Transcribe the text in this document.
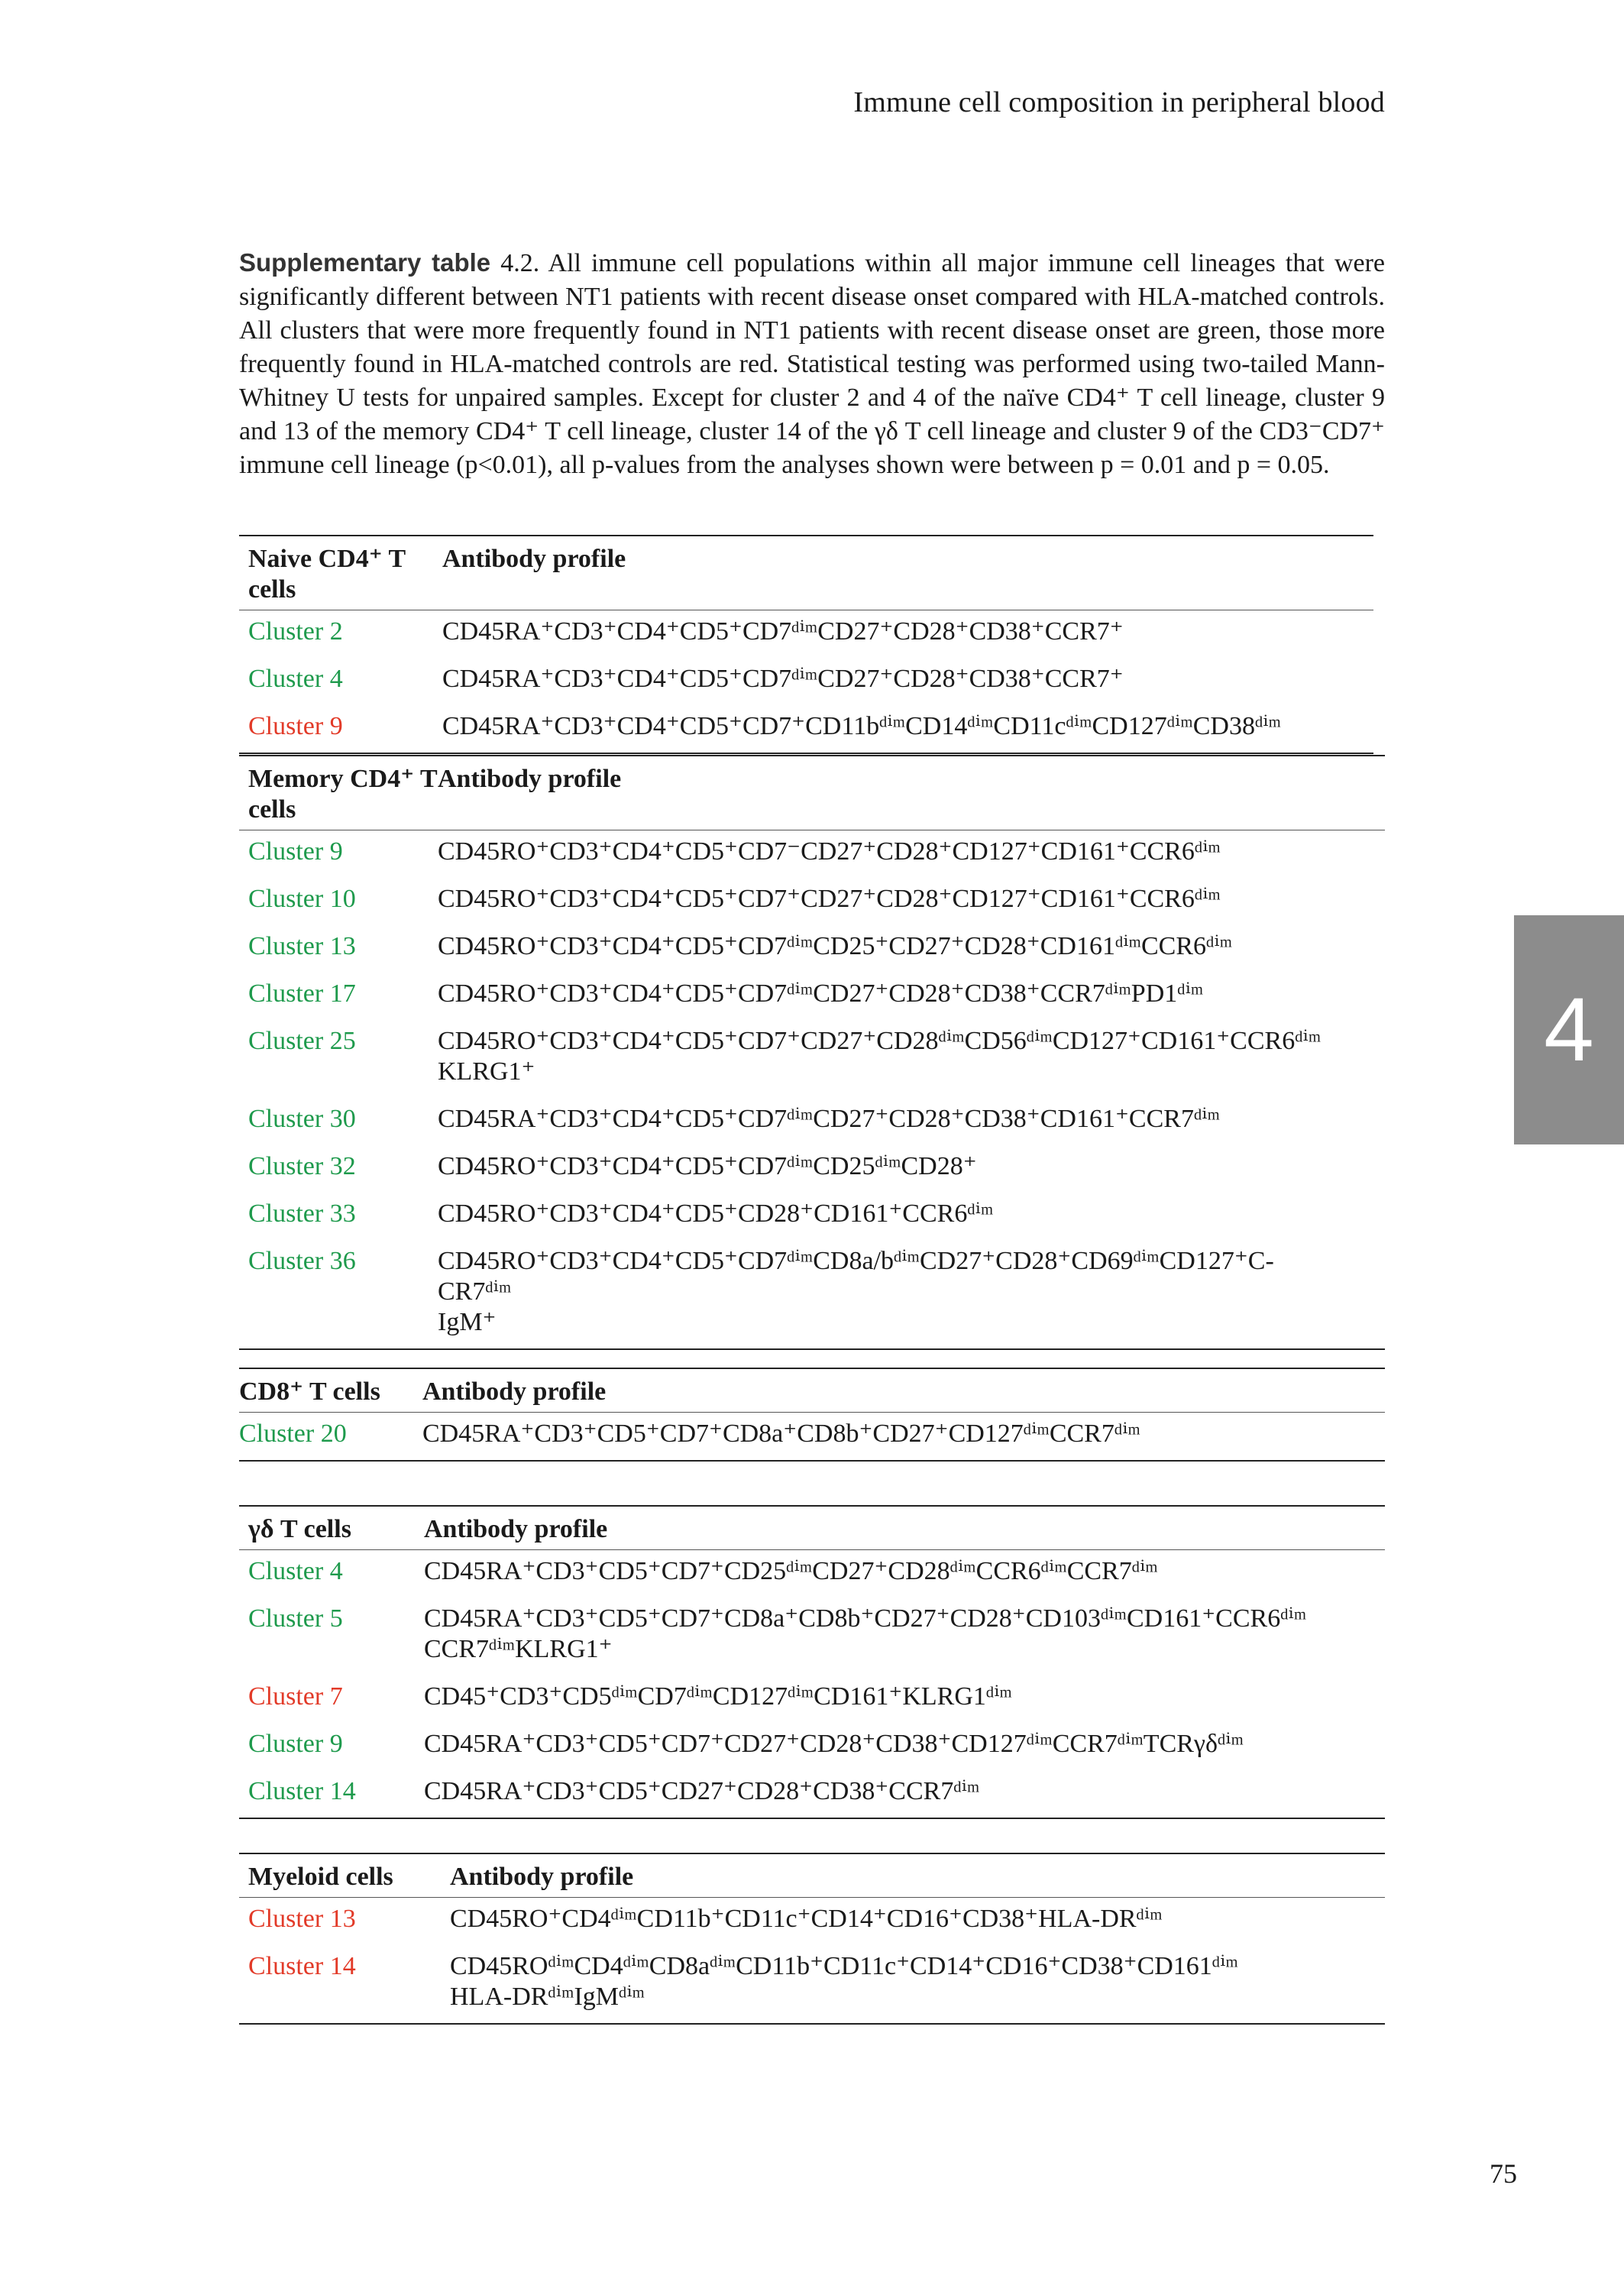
Immune cell composition in peripheral blood
Supplementary table 4.2. All immune cell populations within all major immune cell lineages that were significantly different between NT1 patients with recent disease onset compared with HLA-matched controls. All clusters that were more frequently found in NT1 patients with recent disease onset are green, those more frequently found in HLA-matched controls are red. Statistical testing was performed using two-tailed Mann-Whitney U tests for unpaired samples. Except for cluster 2 and 4 of the naïve CD4⁺ T cell lineage, cluster 9 and 13 of the memory CD4⁺ T cell lineage, cluster 14 of the γδ T cell lineage and cluster 9 of the CD3⁻CD7⁺ immune cell lineage (p<0.01), all p-values from the analyses shown were between p = 0.01 and p = 0.05.
Naive CD4⁺ T cells	Antibody profile
Cluster 2	CD45RA⁺CD3⁺CD4⁺CD5⁺CD7ᵈⁱᵐCD27⁺CD28⁺CD38⁺CCR7⁺
Cluster 4	CD45RA⁺CD3⁺CD4⁺CD5⁺CD7ᵈⁱᵐCD27⁺CD28⁺CD38⁺CCR7⁺
Cluster 9	CD45RA⁺CD3⁺CD4⁺CD5⁺CD7⁺CD11bᵈⁱᵐCD14ᵈⁱᵐCD11cᵈⁱᵐCD127ᵈⁱᵐCD38ᵈⁱᵐ
Memory CD4⁺ T cells	Antibody profile
Cluster 9	CD45RO⁺CD3⁺CD4⁺CD5⁺CD7⁻CD27⁺CD28⁺CD127⁺CD161⁺CCR6ᵈⁱᵐ
Cluster 10	CD45RO⁺CD3⁺CD4⁺CD5⁺CD7⁺CD27⁺CD28⁺CD127⁺CD161⁺CCR6ᵈⁱᵐ
Cluster 13	CD45RO⁺CD3⁺CD4⁺CD5⁺CD7ᵈⁱᵐCD25⁺CD27⁺CD28⁺CD161ᵈⁱᵐCCR6ᵈⁱᵐ
Cluster 17	CD45RO⁺CD3⁺CD4⁺CD5⁺CD7ᵈⁱᵐCD27⁺CD28⁺CD38⁺CCR7ᵈⁱᵐPD1ᵈⁱᵐ
Cluster 25	CD45RO⁺CD3⁺CD4⁺CD5⁺CD7⁺CD27⁺CD28ᵈⁱᵐCD56ᵈⁱᵐCD127⁺CD161⁺CCR6ᵈⁱᵐ
KLRG1⁺
Cluster 30	CD45RA⁺CD3⁺CD4⁺CD5⁺CD7ᵈⁱᵐCD27⁺CD28⁺CD38⁺CD161⁺CCR7ᵈⁱᵐ
Cluster 32	CD45RO⁺CD3⁺CD4⁺CD5⁺CD7ᵈⁱᵐCD25ᵈⁱᵐCD28⁺
Cluster 33	CD45RO⁺CD3⁺CD4⁺CD5⁺CD28⁺CD161⁺CCR6ᵈⁱᵐ
Cluster 36	CD45RO⁺CD3⁺CD4⁺CD5⁺CD7ᵈⁱᵐCD8a/bᵈⁱᵐCD27⁺CD28⁺CD69ᵈⁱᵐCD127⁺C-
CR7ᵈⁱᵐ
IgM⁺
CD8⁺ T cells	Antibody profile
Cluster 20	CD45RA⁺CD3⁺CD5⁺CD7⁺CD8a⁺CD8b⁺CD27⁺CD127ᵈⁱᵐCCR7ᵈⁱᵐ
γδ T cells	Antibody profile
Cluster 4	CD45RA⁺CD3⁺CD5⁺CD7⁺CD25ᵈⁱᵐCD27⁺CD28ᵈⁱᵐCCR6ᵈⁱᵐCCR7ᵈⁱᵐ
Cluster 5	CD45RA⁺CD3⁺CD5⁺CD7⁺CD8a⁺CD8b⁺CD27⁺CD28⁺CD103ᵈⁱᵐCD161⁺CCR6ᵈⁱᵐ
CCR7ᵈⁱᵐKLRG1⁺
Cluster 7	CD45⁺CD3⁺CD5ᵈⁱᵐCD7ᵈⁱᵐCD127ᵈⁱᵐCD161⁺KLRG1ᵈⁱᵐ
Cluster 9	CD45RA⁺CD3⁺CD5⁺CD7⁺CD27⁺CD28⁺CD38⁺CD127ᵈⁱᵐCCR7ᵈⁱᵐTCRγδᵈⁱᵐ
Cluster 14	CD45RA⁺CD3⁺CD5⁺CD27⁺CD28⁺CD38⁺CCR7ᵈⁱᵐ
Myeloid cells	Antibody profile
Cluster 13	CD45RO⁺CD4ᵈⁱᵐCD11b⁺CD11c⁺CD14⁺CD16⁺CD38⁺HLA-DRᵈⁱᵐ
Cluster 14	CD45ROᵈⁱᵐCD4ᵈⁱᵐCD8aᵈⁱᵐCD11b⁺CD11c⁺CD14⁺CD16⁺CD38⁺CD161ᵈⁱᵐ
HLA-DRᵈⁱᵐIgMᵈⁱᵐ
4
75
